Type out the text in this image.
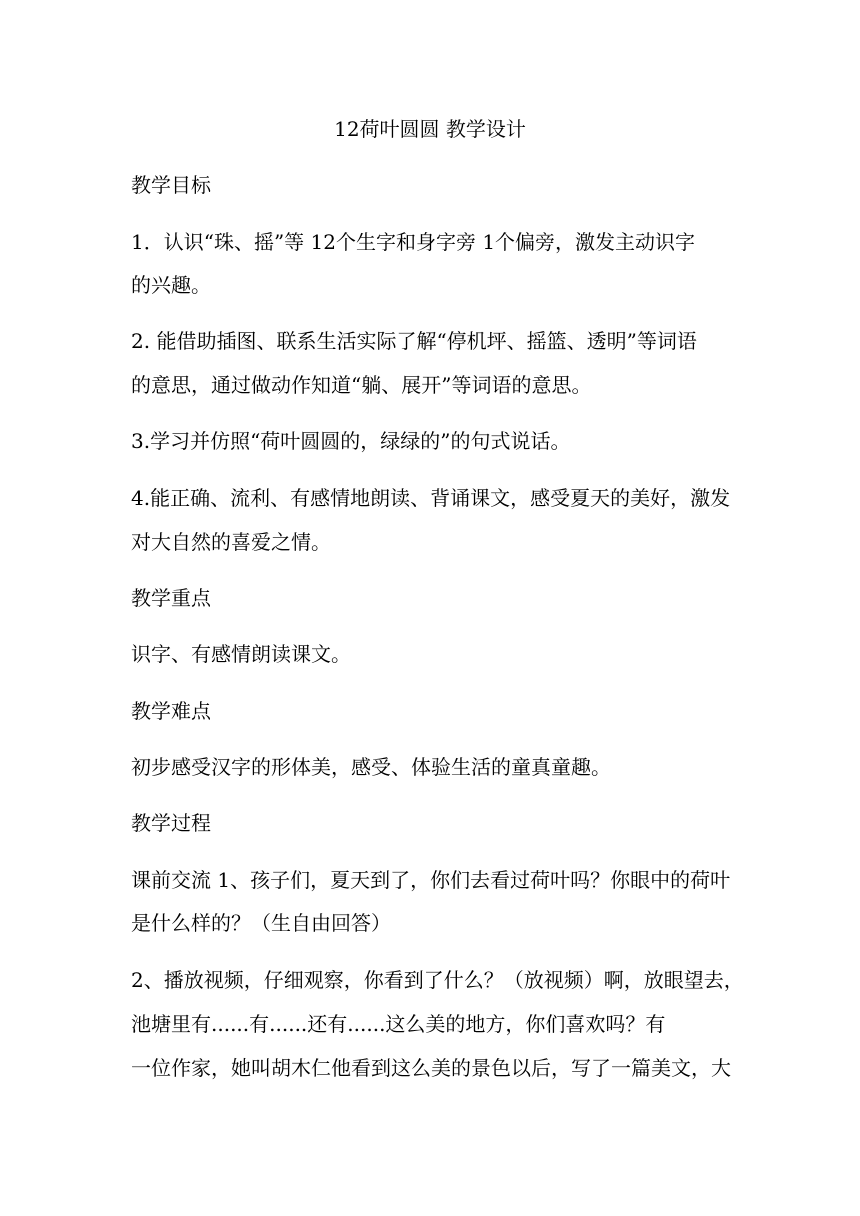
12荷叶圆圆 教学设计
教学目标
1．认识“珠、摇”等 12个生字和身字旁 1个偏旁，激发主动识字
的兴趣。
2. 能借助插图、联系生活实际了解“停机坪、摇篮、透明”等词语
的意思，通过做动作知道“躺、展开”等词语的意思。
3.学习并仿照“荷叶圆圆的，绿绿的”的句式说话。
4.能正确、流利、有感情地朗读、背诵课文，感受夏天的美好，激发
对大自然的喜爱之情。
教学重点
识字、有感情朗读课文。
教学难点
初步感受汉字的形体美，感受、体验生活的童真童趣。
教学过程
课前交流 1、孩子们，夏天到了，你们去看过荷叶吗？你眼中的荷叶
是什么样的？（生自由回答）
2、播放视频，仔细观察，你看到了什么？（放视频）啊，放眼望去，
池塘里有......有......还有......这么美的地方，你们喜欢吗？有
一位作家，她叫胡木仁他看到这么美的景色以后，写了一篇美文，大
